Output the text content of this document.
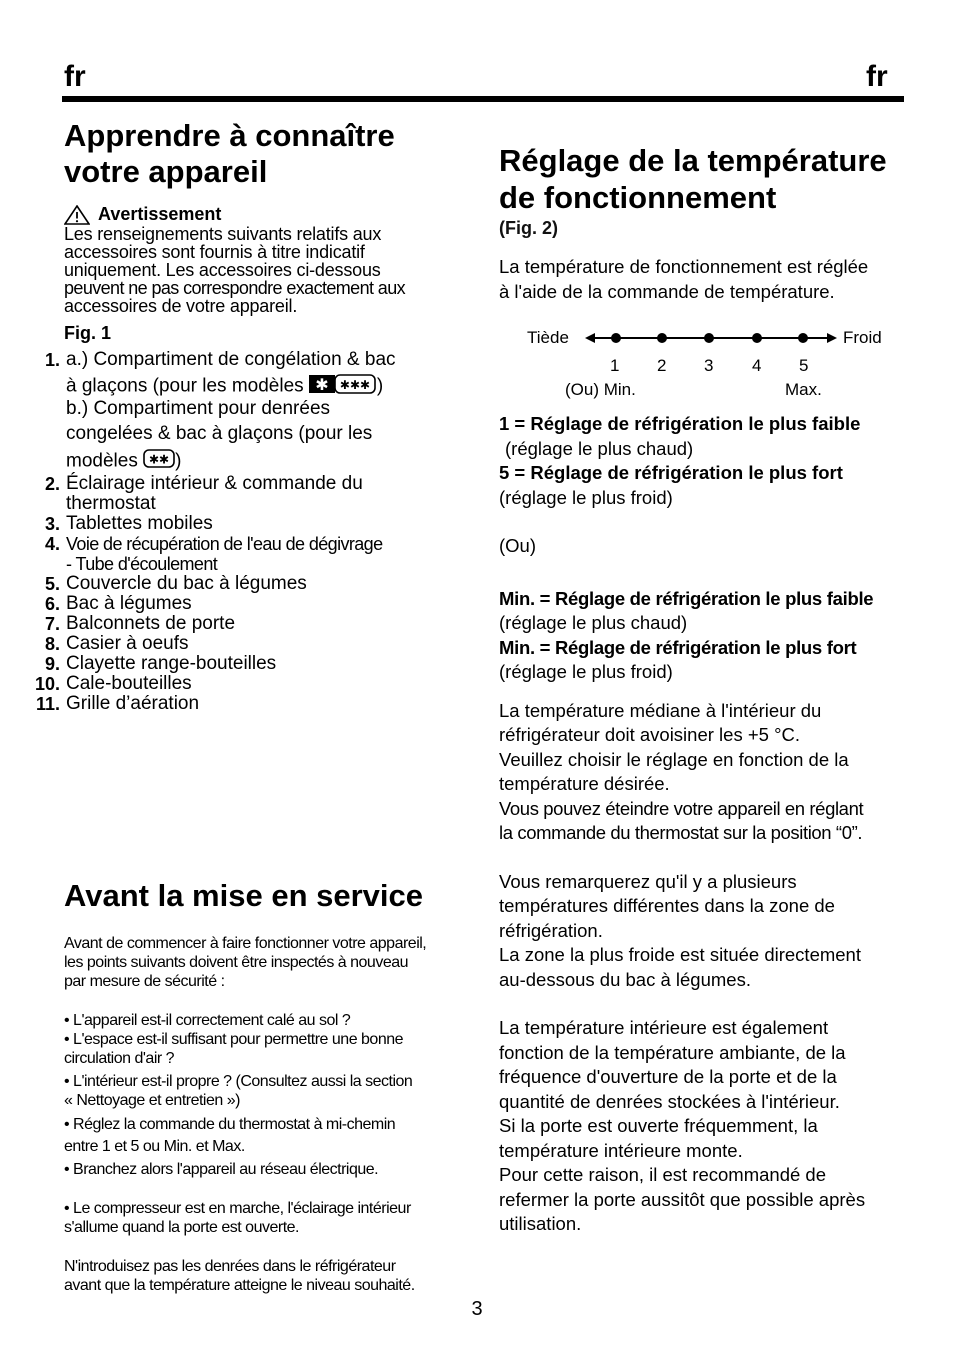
fr	fr
Apprendre à connaître votre appareil
Avertissement

Les renseignements suivants relatifs aux

accessoires sont fournis à titre indicatif

uniquement. Les accessoires ci-dessous

peuvent ne pas correspondre exactement aux

accessoires de votre appareil.

Fig. 1
1. a.) Compartiment de congélation & bac
à glaçons (pour les modèles ✱ ✱✱✱ )
b.) Compartiment pour denrées
congelées & bac à glaçons (pour les
modèles ✱✱ )
2. Éclairage intérieur & commande du
thermostat
3. Tablettes mobiles
4. Voie de récupération de l'eau de dégivrage
- Tube d'écoulement
5. Couvercle du bac à légumes
6. Bac à légumes
7. Balconnets de porte
8. Casier à oeufs
9. Clayette range-bouteilles
10. Cale-bouteilles
11. Grille d’aération
Avant la mise en service

Avant de commencer à faire fonctionner votre appareil,

les points suivants doivent être inspectés à nouveau

par mesure de sécurité :

• L'appareil est-il correctement calé au sol ?

• L'espace est-il suffisant pour permettre une bonne

circulation d'air ?

• L'intérieur est-il propre ? (Consultez aussi la section

« Nettoyage et entretien »)

• Réglez la commande du thermostat à mi-chemin

entre 1 et 5 ou Min. et Max.

• Branchez alors l'appareil au réseau électrique.

• Le compresseur est en marche, l'éclairage intérieur

s'allume quand la porte est ouverte.

N'introduisez pas les denrées dans le réfrigérateur

avant que la température atteigne le niveau souhaité.

Réglage de la température
de fonctionnement
(Fig. 2)

La température de fonctionnement est réglée

à l'aide de la commande de température.

Tiède	Froid
1 2 3 4 5
(Ou) Min.	Max.

1 = Réglage de réfrigération le plus faible

(réglage le plus chaud)

5 = Réglage de réfrigération le plus fort

(réglage le plus froid)

(Ou)

Min. = Réglage de réfrigération le plus faible

(réglage le plus chaud)

Min. = Réglage de réfrigération le plus fort

(réglage le plus froid)

La température médiane à l'intérieur du

réfrigérateur doit avoisiner les +5 °C.

Veuillez choisir le réglage en fonction de la

température désirée.

Vous pouvez éteindre votre appareil en réglant

la commande du thermostat sur la position “0”.

Vous remarquerez qu'il y a plusieurs

températures différentes dans la zone de

réfrigération.

La zone la plus froide est située directement

au-dessous du bac à légumes.

La température intérieure est également

fonction de la température ambiante, de la

fréquence d'ouverture de la porte et de la

quantité de denrées stockées à l'intérieur.

Si la porte est ouverte fréquemment, la

température intérieure monte.

Pour cette raison, il est recommandé de

refermer la porte aussitôt que possible après

utilisation.

3
